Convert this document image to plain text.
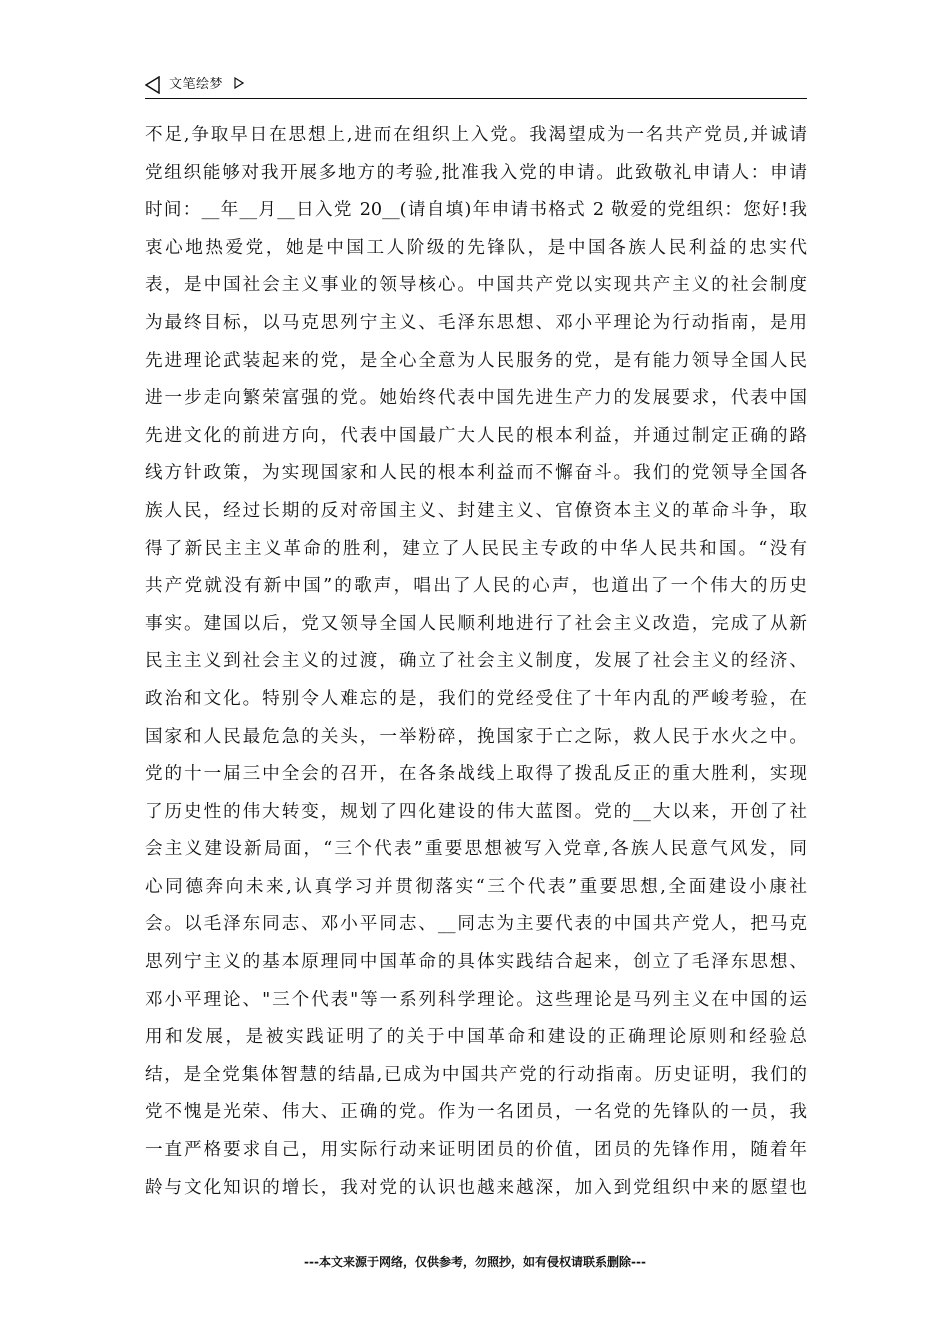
文笔绘梦
不足,争取早日在思想上,进而在组织上入党。我渴望成为一名共产党员,并诚请
党组织能够对我开展多地方的考验,批准我入党的申请。此致敬礼申请人：申请
时间：__年__月__日入党 20__(请自填)年申请书格式 2 敬爱的党组织：您好!我
衷心地热爱党，她是中国工人阶级的先锋队，是中国各族人民利益的忠实代
表，是中国社会主义事业的领导核心。中国共产党以实现共产主义的社会制度
为最终目标，以马克思列宁主义、毛泽东思想、邓小平理论为行动指南，是用
先进理论武装起来的党，是全心全意为人民服务的党，是有能力领导全国人民
进一步走向繁荣富强的党。她始终代表中国先进生产力的发展要求，代表中国
先进文化的前进方向，代表中国最广大人民的根本利益，并通过制定正确的路
线方针政策，为实现国家和人民的根本利益而不懈奋斗。我们的党领导全国各
族人民，经过长期的反对帝国主义、封建主义、官僚资本主义的革命斗争，取
得了新民主主义革命的胜利，建立了人民民主专政的中华人民共和国。“没有
共产党就没有新中国”的歌声，唱出了人民的心声，也道出了一个伟大的历史
事实。建国以后，党又领导全国人民顺利地进行了社会主义改造，完成了从新
民主主义到社会主义的过渡，确立了社会主义制度，发展了社会主义的经济、
政治和文化。特别令人难忘的是，我们的党经受住了十年内乱的严峻考验，在
国家和人民最危急的关头，一举粉碎，挽国家于亡之际，救人民于水火之中。
党的十一届三中全会的召开，在各条战线上取得了拨乱反正的重大胜利，实现
了历史性的伟大转变，规划了四化建设的伟大蓝图。党的__大以来，开创了社
会主义建设新局面，“三个代表”重要思想被写入党章,各族人民意气风发，同
心同德奔向未来,认真学习并贯彻落实“三个代表”重要思想,全面建设小康社
会。以毛泽东同志、邓小平同志、__同志为主要代表的中国共产党人，把马克
思列宁主义的基本原理同中国革命的具体实践结合起来，创立了毛泽东思想、
邓小平理论、"三个代表"等一系列科学理论。这些理论是马列主义在中国的运
用和发展，是被实践证明了的关于中国革命和建设的正确理论原则和经验总
结，是全党集体智慧的结晶,已成为中国共产党的行动指南。历史证明，我们的
党不愧是光荣、伟大、正确的党。作为一名团员，一名党的先锋队的一员，我
一直严格要求自己，用实际行动来证明团员的价值，团员的先锋作用，随着年
龄与文化知识的增长，我对党的认识也越来越深，加入到党组织中来的愿望也
---本文来源于网络，仅供参考，勿照抄，如有侵权请联系删除---
